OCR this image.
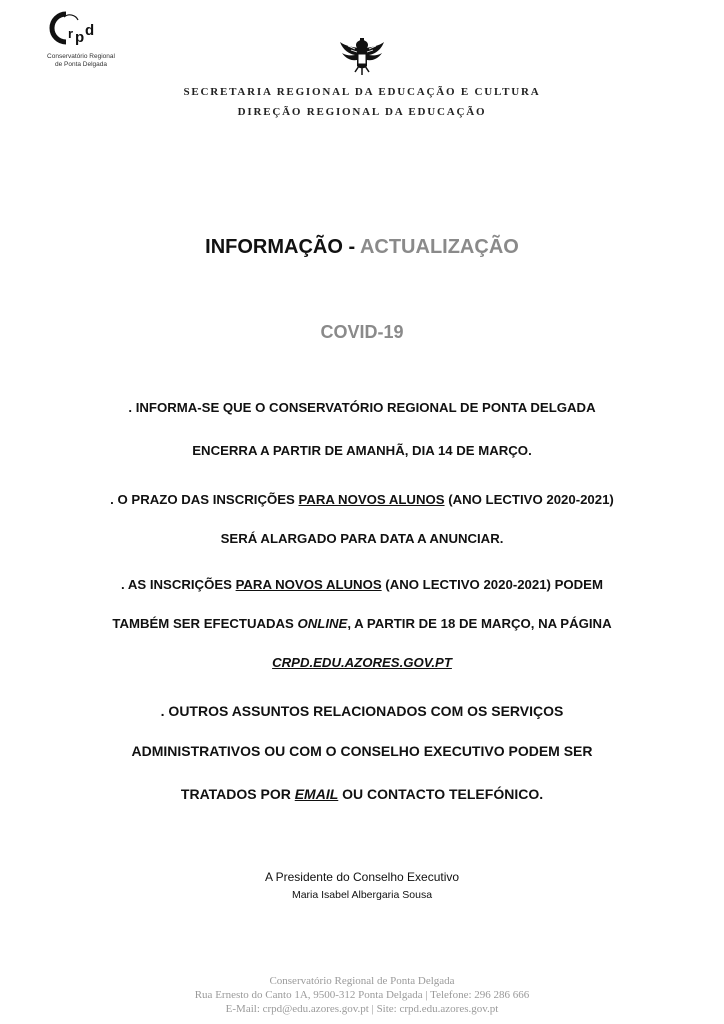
r p d
Conservatório Regional
de Ponta Delgada
SECRETARIA REGIONAL DA EDUCAÇÃO E CULTURA
DIREÇÃO REGIONAL DA EDUCAÇÃO
INFORMAÇÃO - ACTUALIZAÇÃO
COVID-19
. INFORMA-SE QUE O CONSERVATÓRIO REGIONAL DE PONTA DELGADA
ENCERRA A PARTIR DE AMANHÃ, DIA 14 DE MARÇO.
. O PRAZO DAS INSCRIÇÕES PARA NOVOS ALUNOS (ANO LECTIVO 2020-2021)
SERÁ ALARGADO PARA DATA A ANUNCIAR.
. AS INSCRIÇÕES PARA NOVOS ALUNOS (ANO LECTIVO 2020-2021) PODEM
TAMBÉM SER EFECTUADAS ONLINE, A PARTIR DE 18 DE MARÇO, NA PÁGINA
CRPD.EDU.AZORES.GOV.PT
. OUTROS ASSUNTOS RELACIONADOS COM OS SERVIÇOS
ADMINISTRATIVOS OU COM O CONSELHO EXECUTIVO PODEM SER
TRATADOS POR EMAIL OU CONTACTO TELEFÓNICO.
A Presidente do Conselho Executivo
Maria Isabel Albergaria Sousa
Conservatório Regional de Ponta Delgada
Rua Ernesto do Canto 1A, 9500-312 Ponta Delgada | Telefone: 296 286 666
E-Mail: crpd@edu.azores.gov.pt | Site: crpd.edu.azores.gov.pt
